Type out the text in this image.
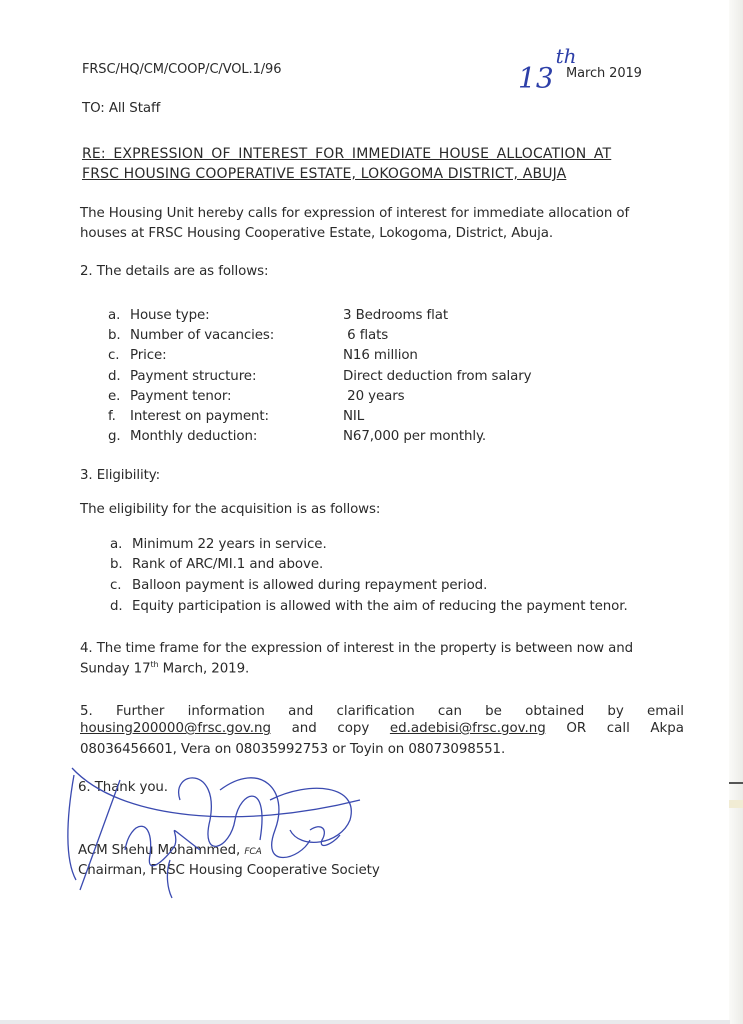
FRSC/HQ/CM/COOP/C/VOL.1/96	13th
March 2019
TO: All Staff
RE: EXPRESSION OF INTEREST FOR IMMEDIATE HOUSE ALLOCATION AT
FRSC HOUSING COOPERATIVE ESTATE, LOKOGOMA DISTRICT, ABUJA
The Housing Unit hereby calls for expression of interest for immediate allocation of
houses at FRSC Housing Cooperative Estate, Lokogoma, District, Abuja.
2. The details are as follows:
a. House type:	3 Bedrooms flat
b. Number of vacancies:	6 flats
c. Price:	N16 million
d. Payment structure:	Direct deduction from salary
e. Payment tenor:	20 years
f. Interest on payment:	NIL
g. Monthly deduction:	N67,000 per monthly.
3. Eligibility:
The eligibility for the acquisition is as follows:
a. Minimum 22 years in service.
b. Rank of ARC/MI.1 and above.
c. Balloon payment is allowed during repayment period.
d. Equity participation is allowed with the aim of reducing the payment tenor.
4. The time frame for the expression of interest in the property is between now and
Sunday 17th March, 2019.
5. Further information and clarification can be obtained by email
housing200000@frsc.gov.ng and copy ed.adebisi@frsc.gov.ng OR call Akpa
08036456601, Vera on 08035992753 or Toyin on 08073098551.
6. Thank you.
ACM Shehu Mohammed, FCA
Chairman, FRSC Housing Cooperative Society
